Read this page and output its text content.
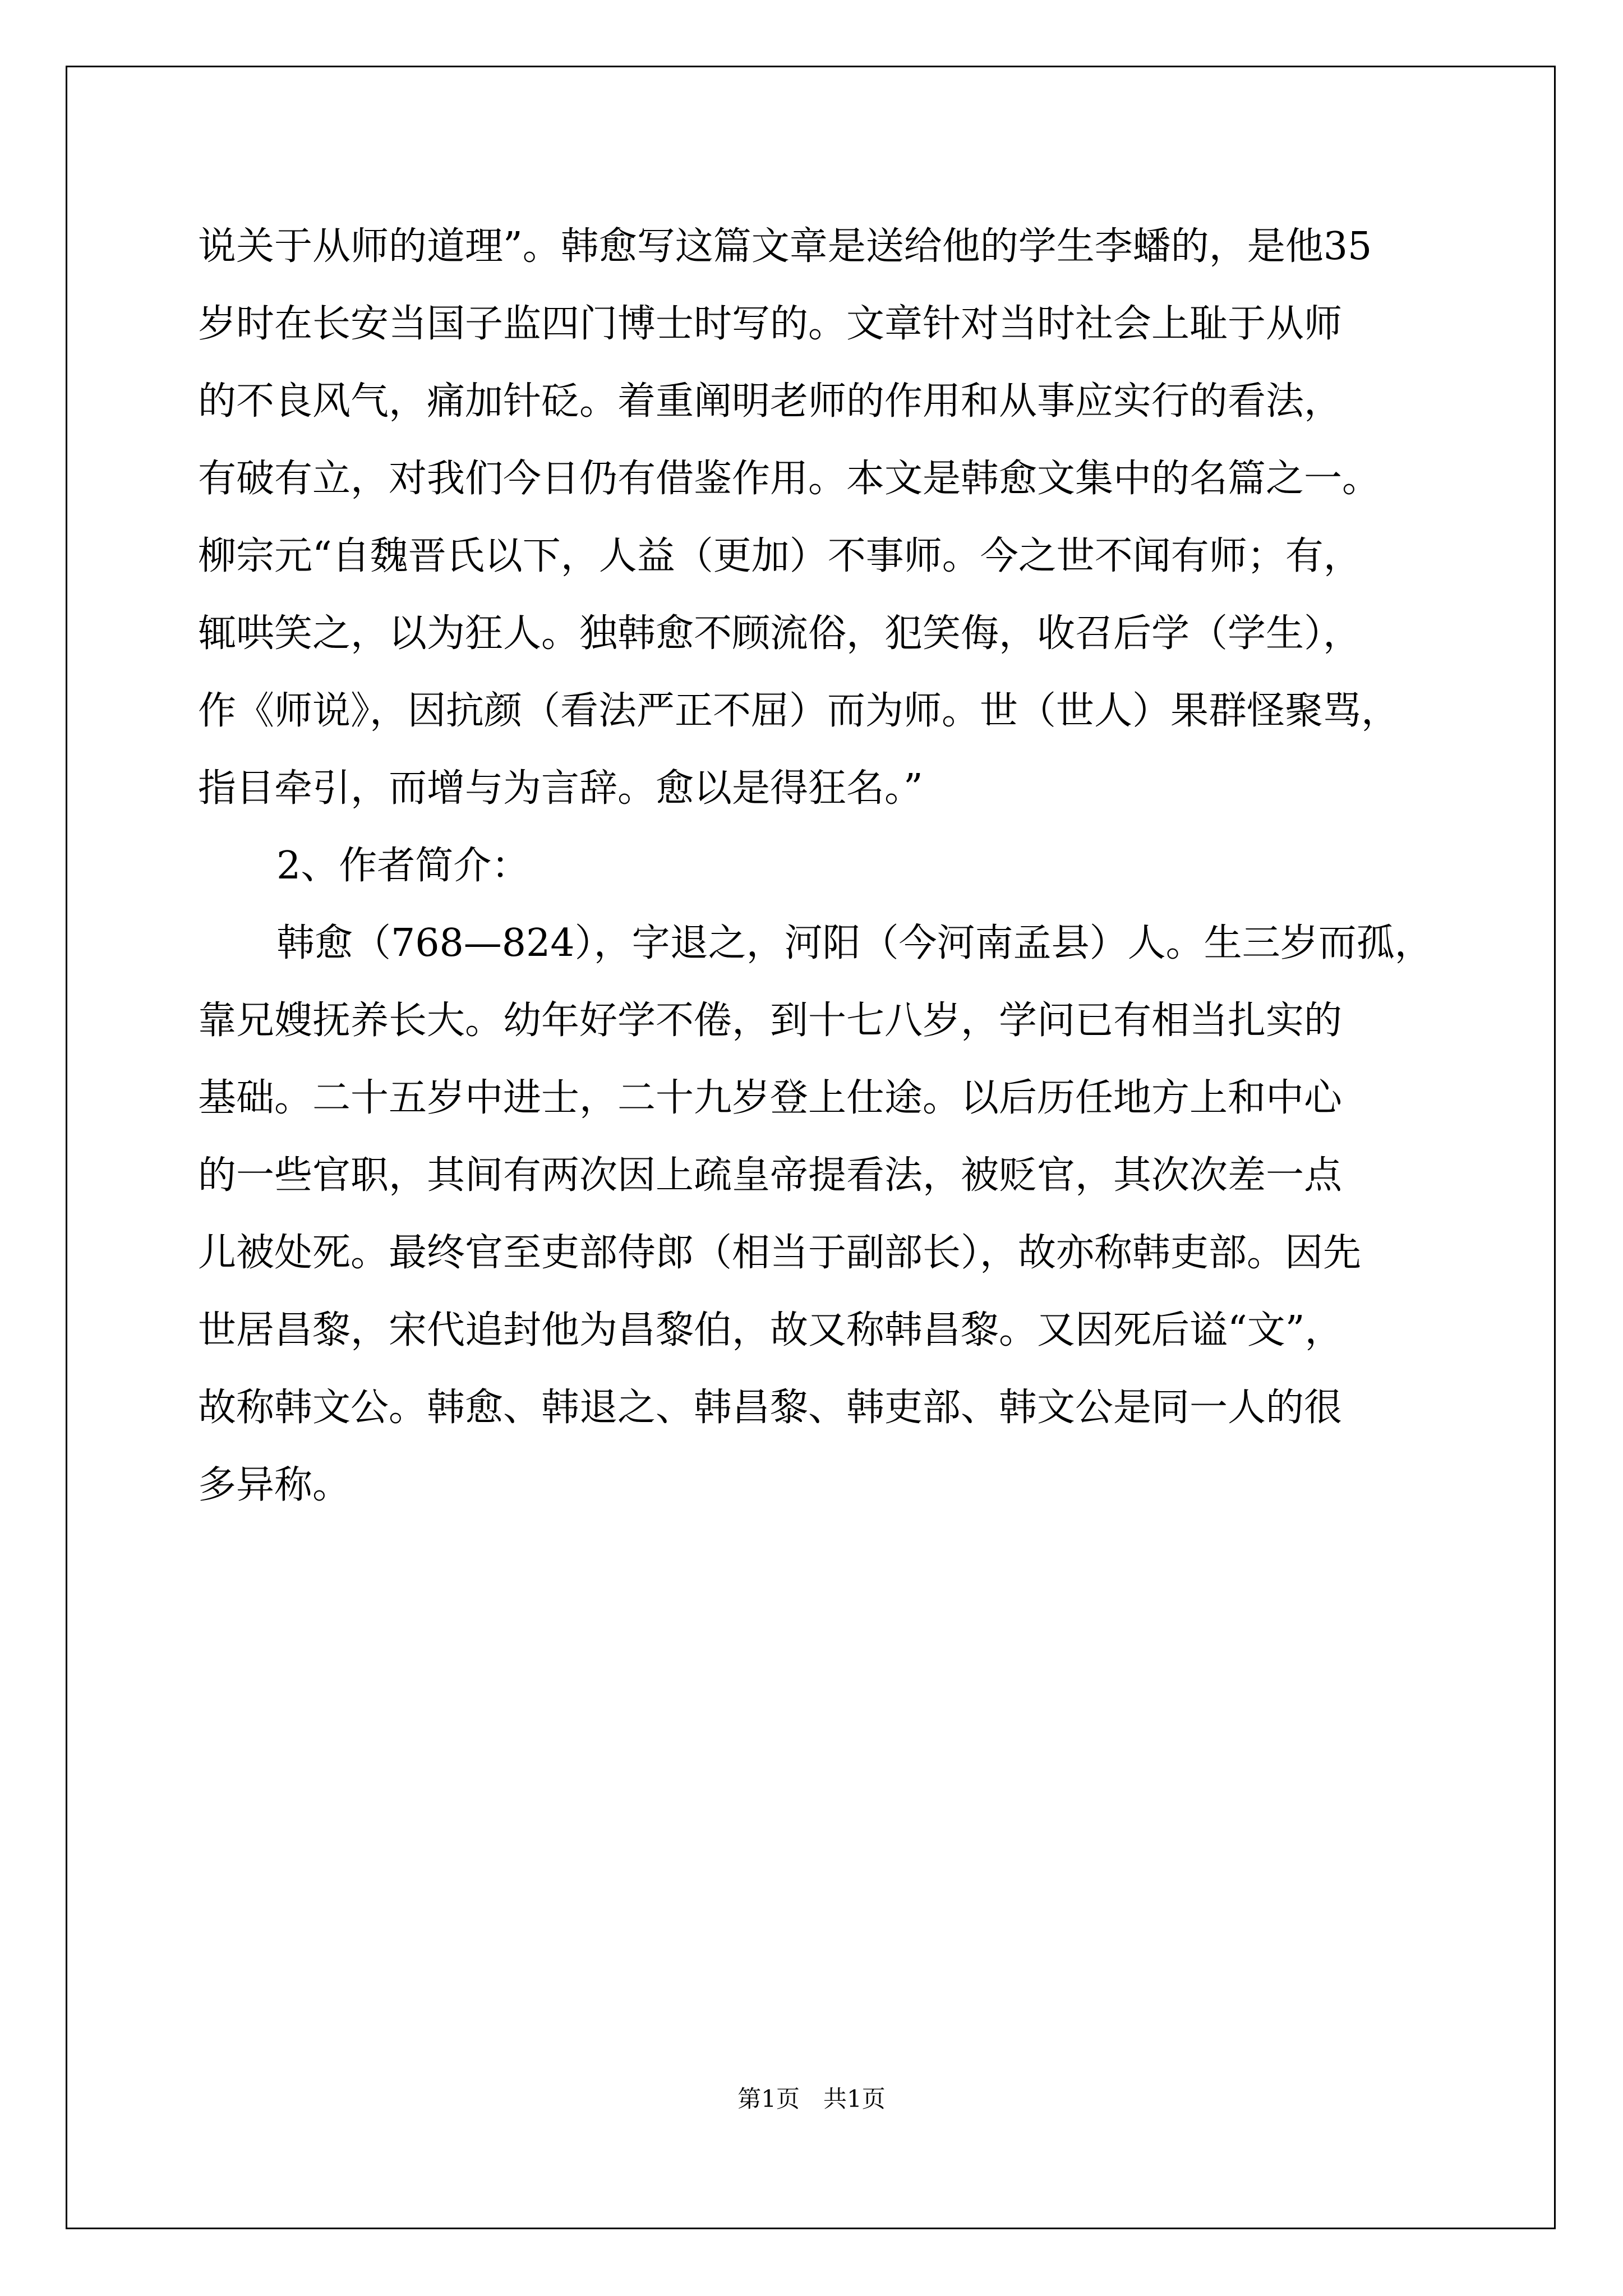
说关于从师的道理”。韩愈写这篇文章是送给他的学生李蟠的，是他35
岁时在长安当国子监四门博士时写的。文章针对当时社会上耻于从师
的不良风气，痛加针砭。着重阐明老师的作用和从事应实行的看法，
有破有立，对我们今日仍有借鉴作用。本文是韩愈文集中的名篇之一。
柳宗元“自魏晋氏以下，人益（更加）不事师。今之世不闻有师；有，
辄哄笑之，以为狂人。独韩愈不顾流俗，犯笑侮，收召后学（学生），
作《师说》，因抗颜（看法严正不屈）而为师。世（世人）果群怪聚骂，
指目牵引，而增与为言辞。愈以是得狂名。”
2、作者简介：
韩愈（768—824），字退之，河阳（今河南孟县）人。生三岁而孤，
靠兄嫂抚养长大。幼年好学不倦，到十七八岁，学问已有相当扎实的
基础。二十五岁中进士，二十九岁登上仕途。以后历任地方上和中心
的一些官职，其间有两次因上疏皇帝提看法，被贬官，其次次差一点
儿被处死。最终官至吏部侍郎（相当于副部长），故亦称韩吏部。因先
世居昌黎，宋代追封他为昌黎伯，故又称韩昌黎。又因死后谥“文”，
故称韩文公。韩愈、韩退之、韩昌黎、韩吏部、韩文公是同一人的很
多异称。
第1页　共1页
